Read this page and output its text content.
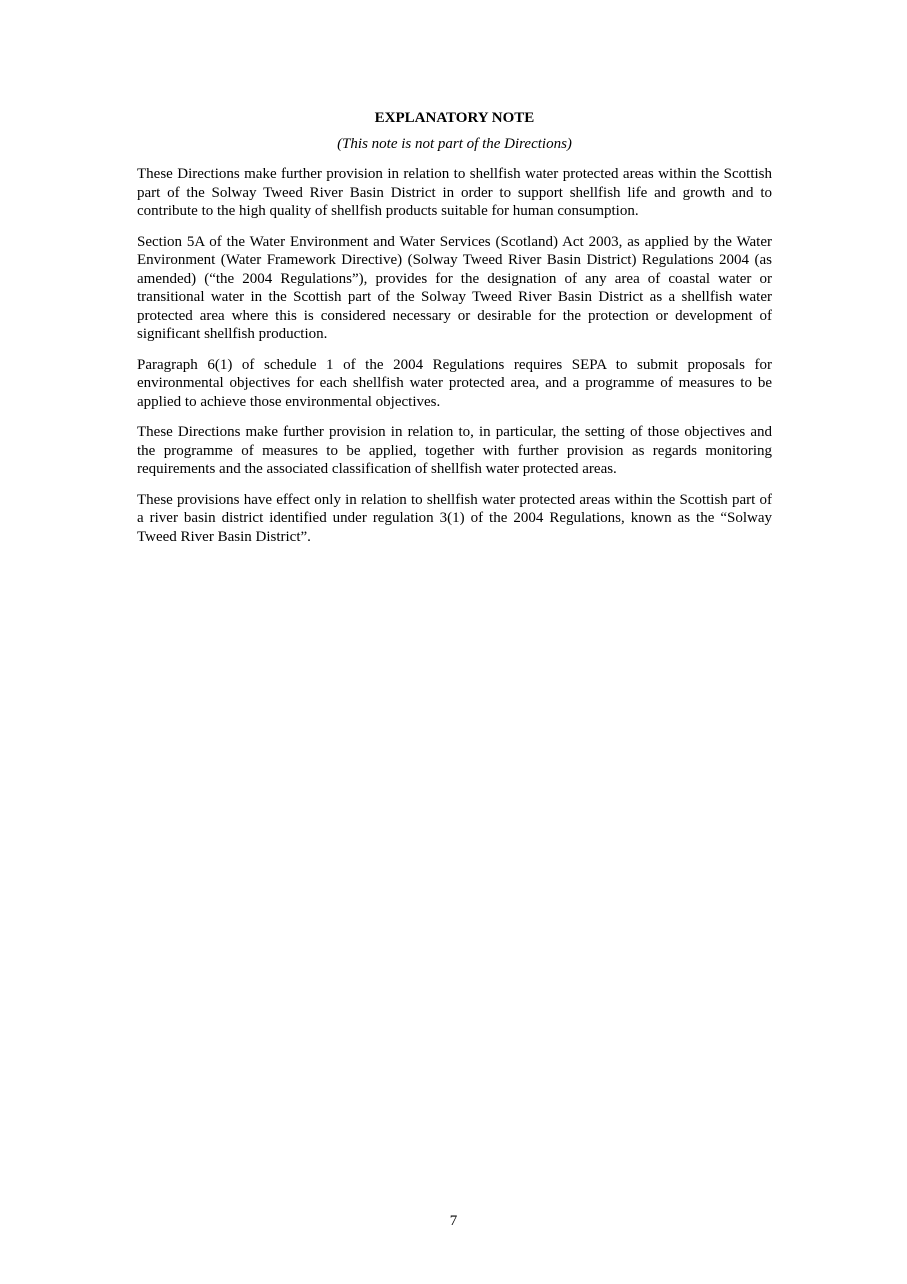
EXPLANATORY NOTE
(This note is not part of the Directions)

These Directions make further provision in relation to shellfish water protected areas within the Scottish part of the Solway Tweed River Basin District in order to support shellfish life and growth and to contribute to the high quality of shellfish products suitable for human consumption.

Section 5A of the Water Environment and Water Services (Scotland) Act 2003, as applied by the Water Environment (Water Framework Directive) (Solway Tweed River Basin District) Regulations 2004 (as amended) (“the 2004 Regulations”), provides for the designation of any area of coastal water or transitional water in the Scottish part of the Solway Tweed River Basin District as a shellfish water protected area where this is considered necessary or desirable for the protection or development of significant shellfish production.

Paragraph 6(1) of schedule 1 of the 2004 Regulations requires SEPA to submit proposals for environmental objectives for each shellfish water protected area, and a programme of measures to be applied to achieve those environmental objectives.

These Directions make further provision in relation to, in particular, the setting of those objectives and the programme of measures to be applied, together with further provision as regards monitoring requirements and the associated classification of shellfish water protected areas.

These provisions have effect only in relation to shellfish water protected areas within the Scottish part of a river basin district identified under regulation 3(1) of the 2004 Regulations, known as the “Solway Tweed River Basin District”.

7
